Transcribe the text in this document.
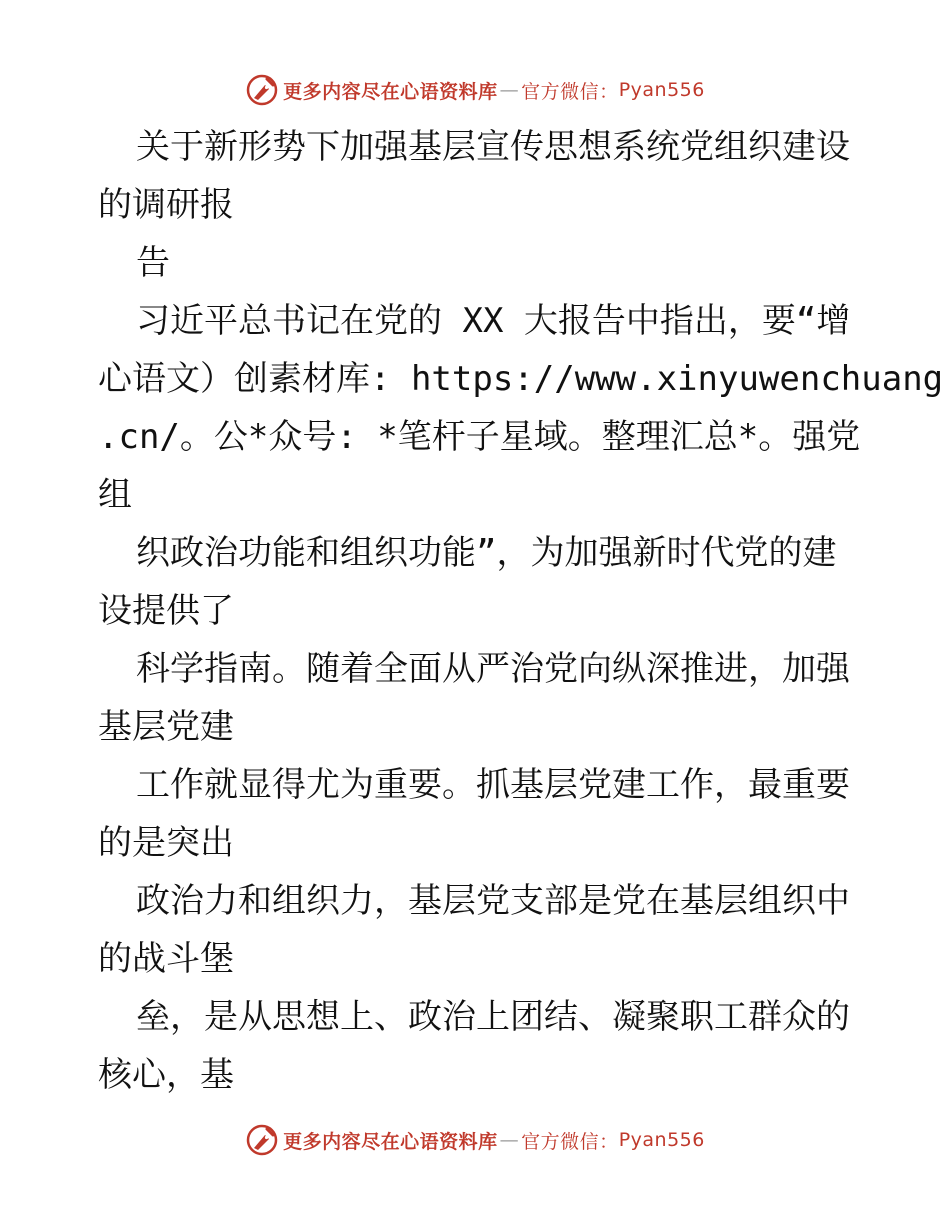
更多内容尽在心语资料库 — 官方微信： Pyan556
关于新形势下加强基层宣传思想系统党组织建设
的调研报
告
习近平总书记在党的 XX 大报告中指出，要“增
心语文）创素材库: https://www.xinyuwenchuang
.cn/。公*众号: *笔杆子星域。整理汇总*。强党
组
织政治功能和组织功能”，为加强新时代党的建
设提供了
科学指南。随着全面从严治党向纵深推进，加强
基层党建
工作就显得尤为重要。抓基层党建工作，最重要
的是突出
政治力和组织力，基层党支部是党在基层组织中
的战斗堡
垒，是从思想上、政治上团结、凝聚职工群众的
核心，基
更多内容尽在心语资料库 — 官方微信： Pyan556
